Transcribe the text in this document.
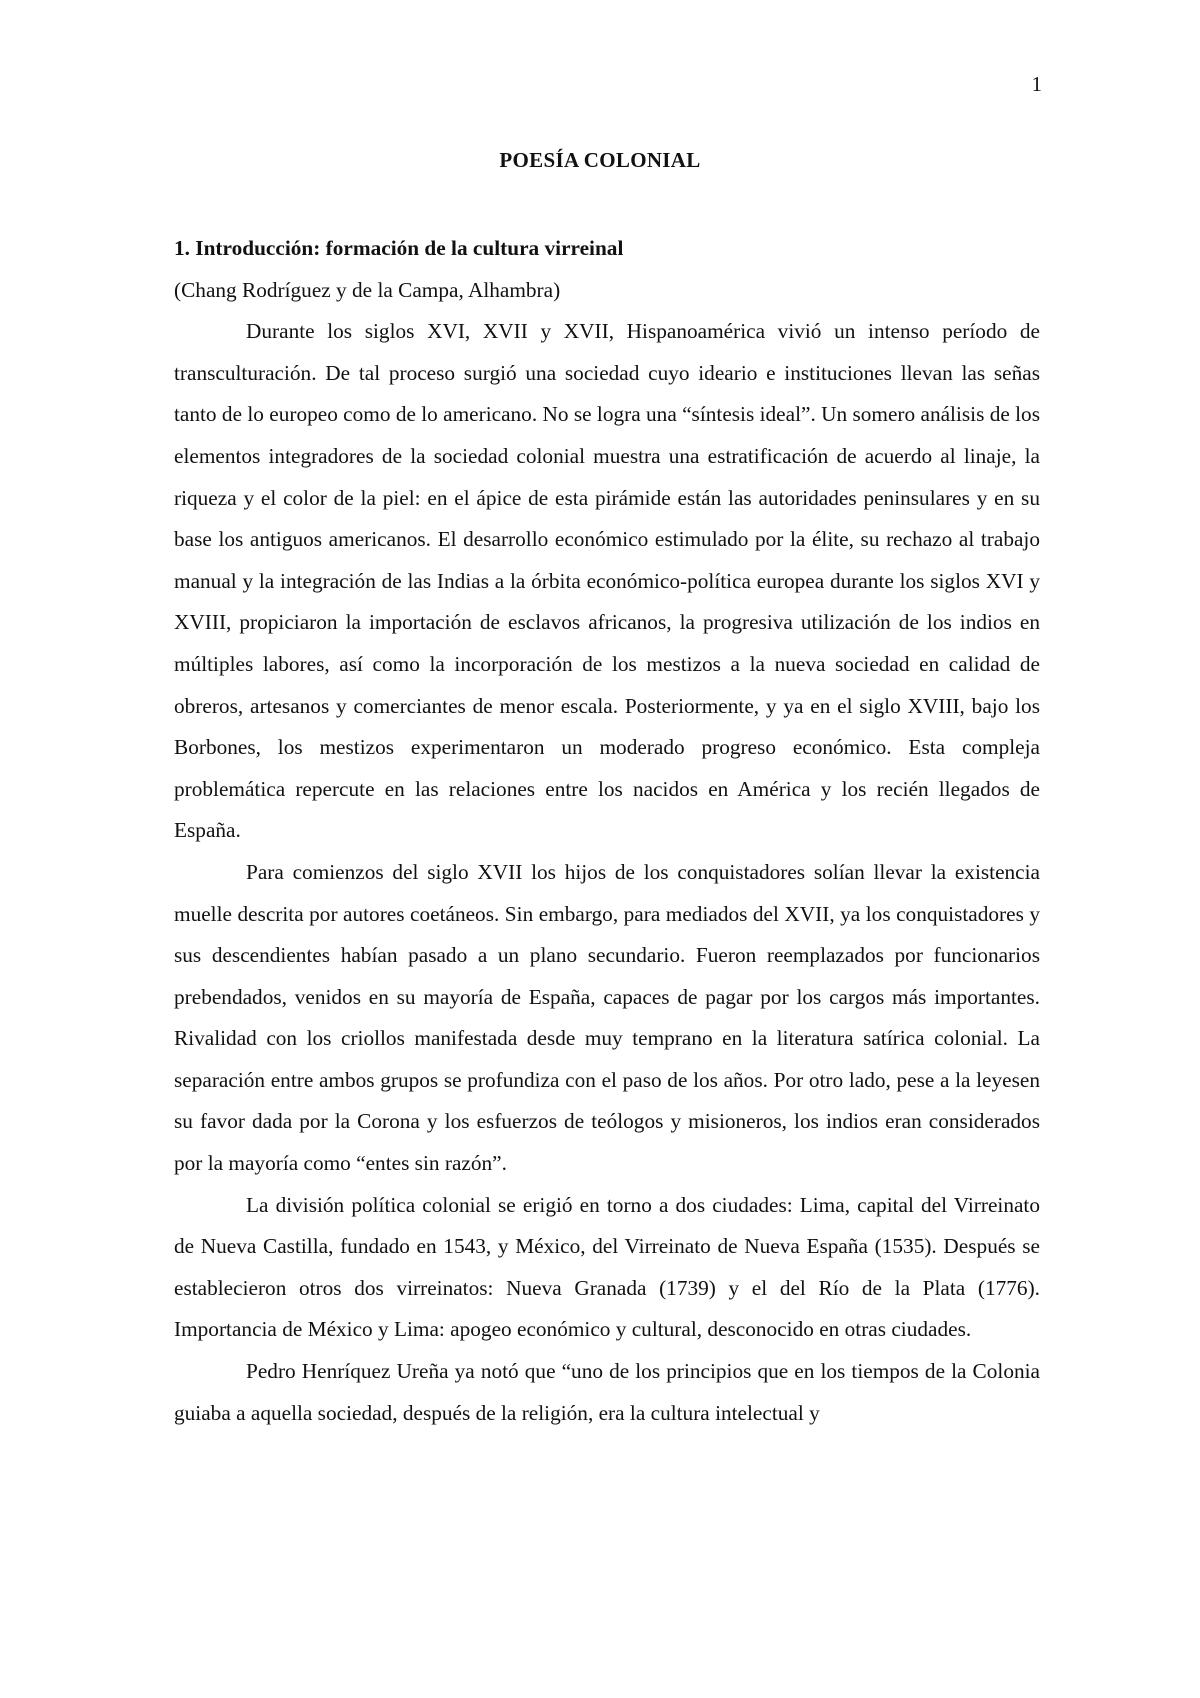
1
POESÍA COLONIAL
1. Introducción: formación de la cultura virreinal

(Chang Rodríguez y de la Campa, Alhambra)

Durante los siglos XVI, XVII y XVII, Hispanoamérica vivió un intenso período de transculturación. De tal proceso surgió una sociedad cuyo ideario e instituciones llevan las señas tanto de lo europeo como de lo americano. No se logra una “síntesis ideal”. Un somero análisis de los elementos integradores de la sociedad colonial muestra una estratificación de acuerdo al linaje, la riqueza y el color de la piel: en el ápice de esta pirámide están las autoridades peninsulares y en su base los antiguos americanos. El desarrollo económico estimulado por la élite, su rechazo al trabajo manual y la integración de las Indias a la órbita económico-política europea durante los siglos XVI y XVIII, propiciaron la importación de esclavos africanos, la progresiva utilización de los indios en múltiples labores, así como la incorporación de los mestizos a la nueva sociedad en calidad de obreros, artesanos y comerciantes de menor escala. Posteriormente, y ya en el siglo XVIII, bajo los Borbones, los mestizos experimentaron un moderado progreso económico. Esta compleja problemática repercute en las relaciones entre los nacidos en América y los recién llegados de España.

Para comienzos del siglo XVII los hijos de los conquistadores solían llevar la existencia muelle descrita por autores coetáneos. Sin embargo, para mediados del XVII, ya los conquistadores y sus descendientes habían pasado a un plano secundario. Fueron reemplazados por funcionarios prebendados, venidos en su mayoría de España, capaces de pagar por los cargos más importantes. Rivalidad con los criollos manifestada desde muy temprano en la literatura satírica colonial. La separación entre ambos grupos se profundiza con el paso de los años. Por otro lado, pese a la leyesen su favor dada por la Corona y los esfuerzos de teólogos y misioneros, los indios eran considerados por la mayoría como “entes sin razón”.

La división política colonial se erigió en torno a dos ciudades: Lima, capital del Virreinato de Nueva Castilla, fundado en 1543, y México, del Virreinato de Nueva España (1535). Después se establecieron otros dos virreinatos: Nueva Granada (1739) y el del Río de la Plata (1776). Importancia de México y Lima: apogeo económico y cultural, desconocido en otras ciudades.

Pedro Henríquez Ureña ya notó que “uno de los principios que en los tiempos de la Colonia guiaba a aquella sociedad, después de la religión, era la cultura intelectual y
